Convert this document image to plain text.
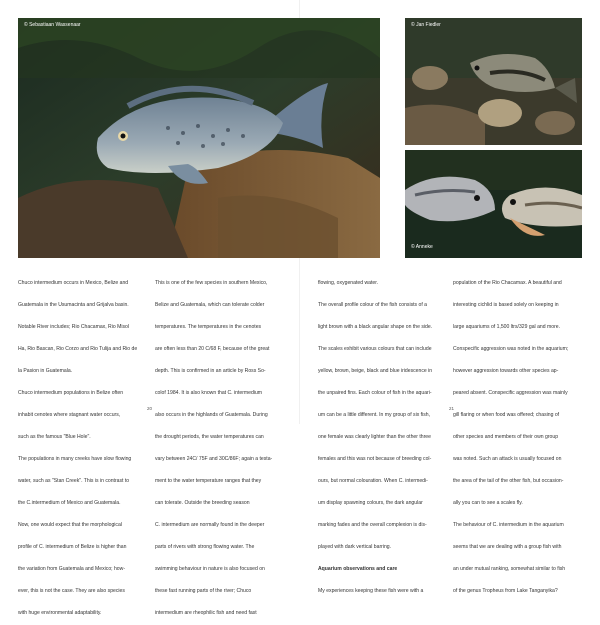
© Sebastiaan Wassenaar	© Jan Fiedler
© Anneke

Chuco intermedium occurs in Mexico, Belize and

Guatemala in the Usumacinta and Grijalva basin.

Notable River includes; Rio Chacamax, Rio Misol

Ha, Rio Bascan, Rio Corzo and Rio Tulija and Rio de

la Pasion in Guatemala.

Chuco intermedium populations in Belize often

inhabit cenotes where stagnant water occurs,

such as the famous "Blue Hole".

The populations in many creeks have slow flowing

water, such as "Stan Creek". This is in contrast to

the C.intermedium of Mexico and Guatemala.

Now, one would expect that the morphological

profile of C. intermedium of Belize is higher than

the variation from Guatemala and Mexico; how-

ever, this is not the case. They are also species

with huge environmental adaptability.

This is one of the few species in southern Mexico,

Belize and Guatemala, which can tolerate colder

temperatures. The temperatures in the cenotes

are often less than 20 C/68 F, because of the great

depth. This is confirmed in an article by Ross So-

colof 1984. It is also known that C. intermedium

also occurs in the highlands of Guatemala. During

the drought periods, the water temperatures can

vary between 24C/ 75F and 30C/86F; again a testa-

ment to the water temperature ranges that they

can tolerate. Outside the breeding season

C. intermedium are normally found in the deeper

parts of rivers with strong flowing water. The

swimming behaviour in nature is also focused on

these fast running parts of the river; Chuco

intermedium are rheophilic fish and need fast

flowing, oxygenated water.

The overall profile colour of the fish consists of a

light brown with a black angular shape on the side.

The scales exhibit various colours that can include

yellow, brown, beige, black and blue iridescence in

the unpaired fins. Each colour of fish in the aquari-

um can be a little different. In my group of six fish,

one female was clearly lighter than the other three

females and this was not because of breeding col-

ours, but normal colouration. When C. intermedi-

um display spawning colours, the dark angular

marking fades and the overall complexion is dis-

played with dark vertical barring.

Aquarium observations and care

My experiences keeping these fish were with a

population of the Rio Chacamax. A beautiful and

interesting cichlid is based solely on keeping in

large aquariums of 1,500 ltrs/329 gal and more.

Conspecific aggression was noted in the aquarium;

however aggression towards other species ap-

peared absent. Conspecific aggression was mainly

gill flaring or when food was offered; chasing of

other species and members of their own group

was noted. Such an attack is usually focused on

the area of the tail of the other fish, but occasion-

ally you can to see a scales fly.

The behaviour of C. intermedium in the aquarium

seems that we are dealing with a group fish with

an under mutual ranking, somewhat similar to fish

of the genus Tropheus from Lake Tanganyika?

20	21
